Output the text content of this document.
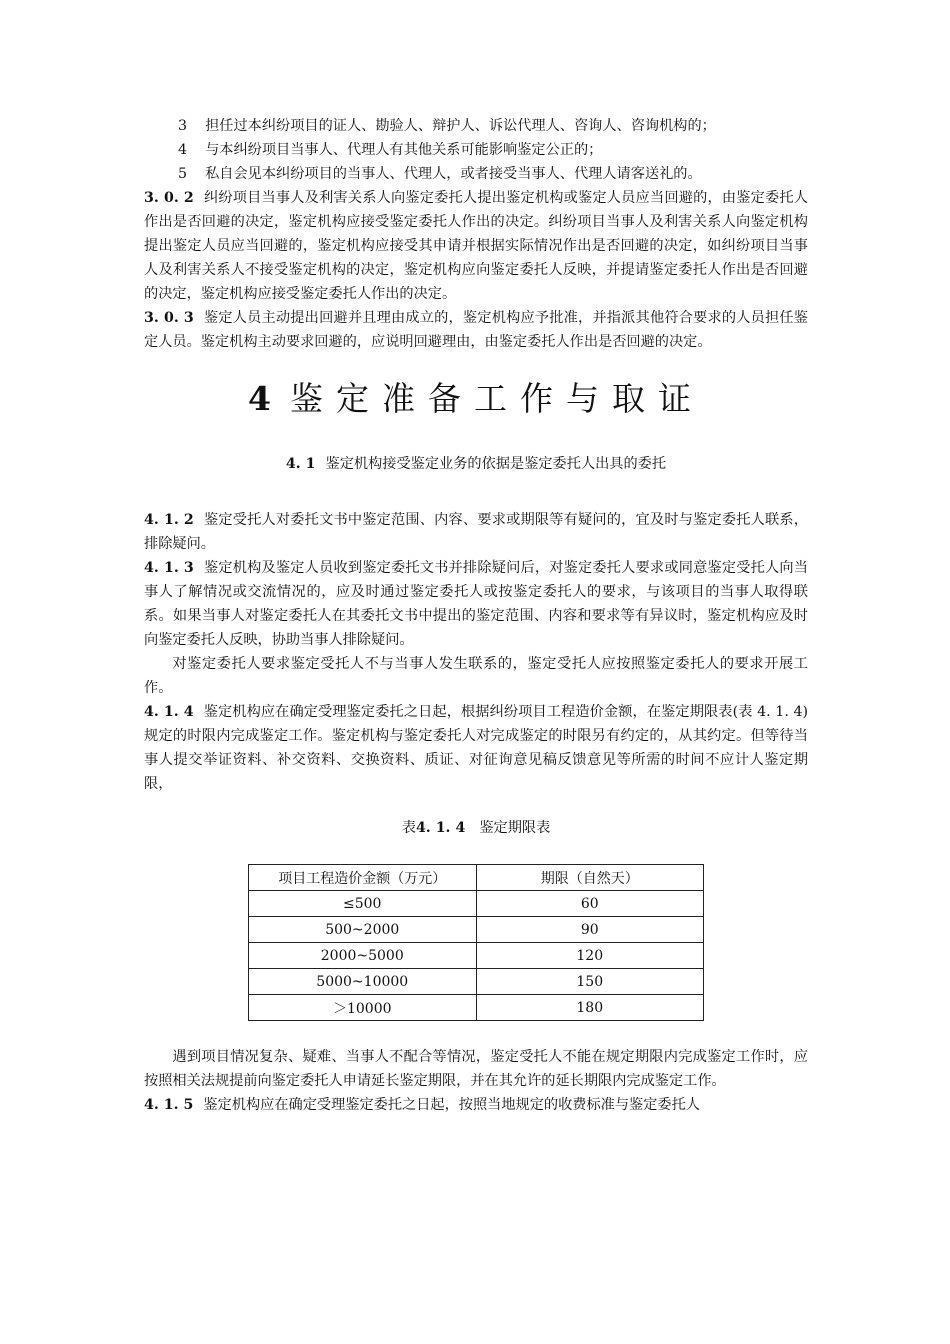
3 担任过本纠纷项目的证人、勘验人、辩护人、诉讼代理人、咨询人、咨询机构的；

4 与本纠纷项目当事人、代理人有其他关系可能影响鉴定公正的；

5 私自会见本纠纷项目的当事人、代理人，或者接受当事人、代理人请客送礼的。

3. 0. 2 纠纷项目当事人及利害关系人向鉴定委托人提出鉴定机构或鉴定人员应当回避的，由鉴定委托人作出是否回避的决定，鉴定机构应接受鉴定委托人作出的决定。纠纷项目当事人及利害关系人向鉴定机构提出鉴定人员应当回避的，鉴定机构应接受其申请并根据实际情况作出是否回避的决定，如纠纷项目当事人及利害关系人不接受鉴定机构的决定，鉴定机构应向鉴定委托人反映，并提请鉴定委托人作出是否回避的决定，鉴定机构应接受鉴定委托人作出的决定。

3. 0. 3 鉴定人员主动提出回避并且理由成立的，鉴定机构应予批准，并指派其他符合要求的人员担任鉴定人员。鉴定机构主动要求回避的，应说明回避理由，由鉴定委托人作出是否回避的决定。

4 鉴定准备工作与取证

4. 1 鉴定机构接受鉴定业务的依据是鉴定委托人出具的委托

4. 1. 2 鉴定受托人对委托文书中鉴定范围、内容、要求或期限等有疑问的，宜及时与鉴定委托人联系，排除疑问。

4. 1. 3 鉴定机构及鉴定人员收到鉴定委托文书并排除疑问后，对鉴定委托人要求或同意鉴定受托人向当事人了解情况或交流情况的，应及时通过鉴定委托人或按鉴定委托人的要求，与该项目的当事人取得联系。如果当事人对鉴定委托人在其委托文书中提出的鉴定范围、内容和要求等有异议时，鉴定机构应及时向鉴定委托人反映，协助当事人排除疑问。

对鉴定委托人要求鉴定受托人不与当事人发生联系的，鉴定受托人应按照鉴定委托人的要求开展工作。

4. 1. 4 鉴定机构应在确定受理鉴定委托之日起，根据纠纷项目工程造价金额，在鉴定期限表(表 4. 1. 4)规定的时限内完成鉴定工作。鉴定机构与鉴定委托人对完成鉴定的时限另有约定的，从其约定。但等待当事人提交举证资料、补交资料、交换资料、质证、对征询意见稿反馈意见等所需的时间不应计人鉴定期限，

表4. 1. 4 鉴定期限表

项目工程造价金额（万元）	期限（自然天）
≤500	60
500~2000	90
2000~5000	120
5000~10000	150
＞10000	180

遇到项目情况复杂、疑难、当事人不配合等情况，鉴定受托人不能在规定期限内完成鉴定工作时，应按照相关法规提前向鉴定委托人申请延长鉴定期限，并在其允许的延长期限内完成鉴定工作。

4. 1. 5 鉴定机构应在确定受理鉴定委托之日起，按照当地规定的收费标准与鉴定委托人
